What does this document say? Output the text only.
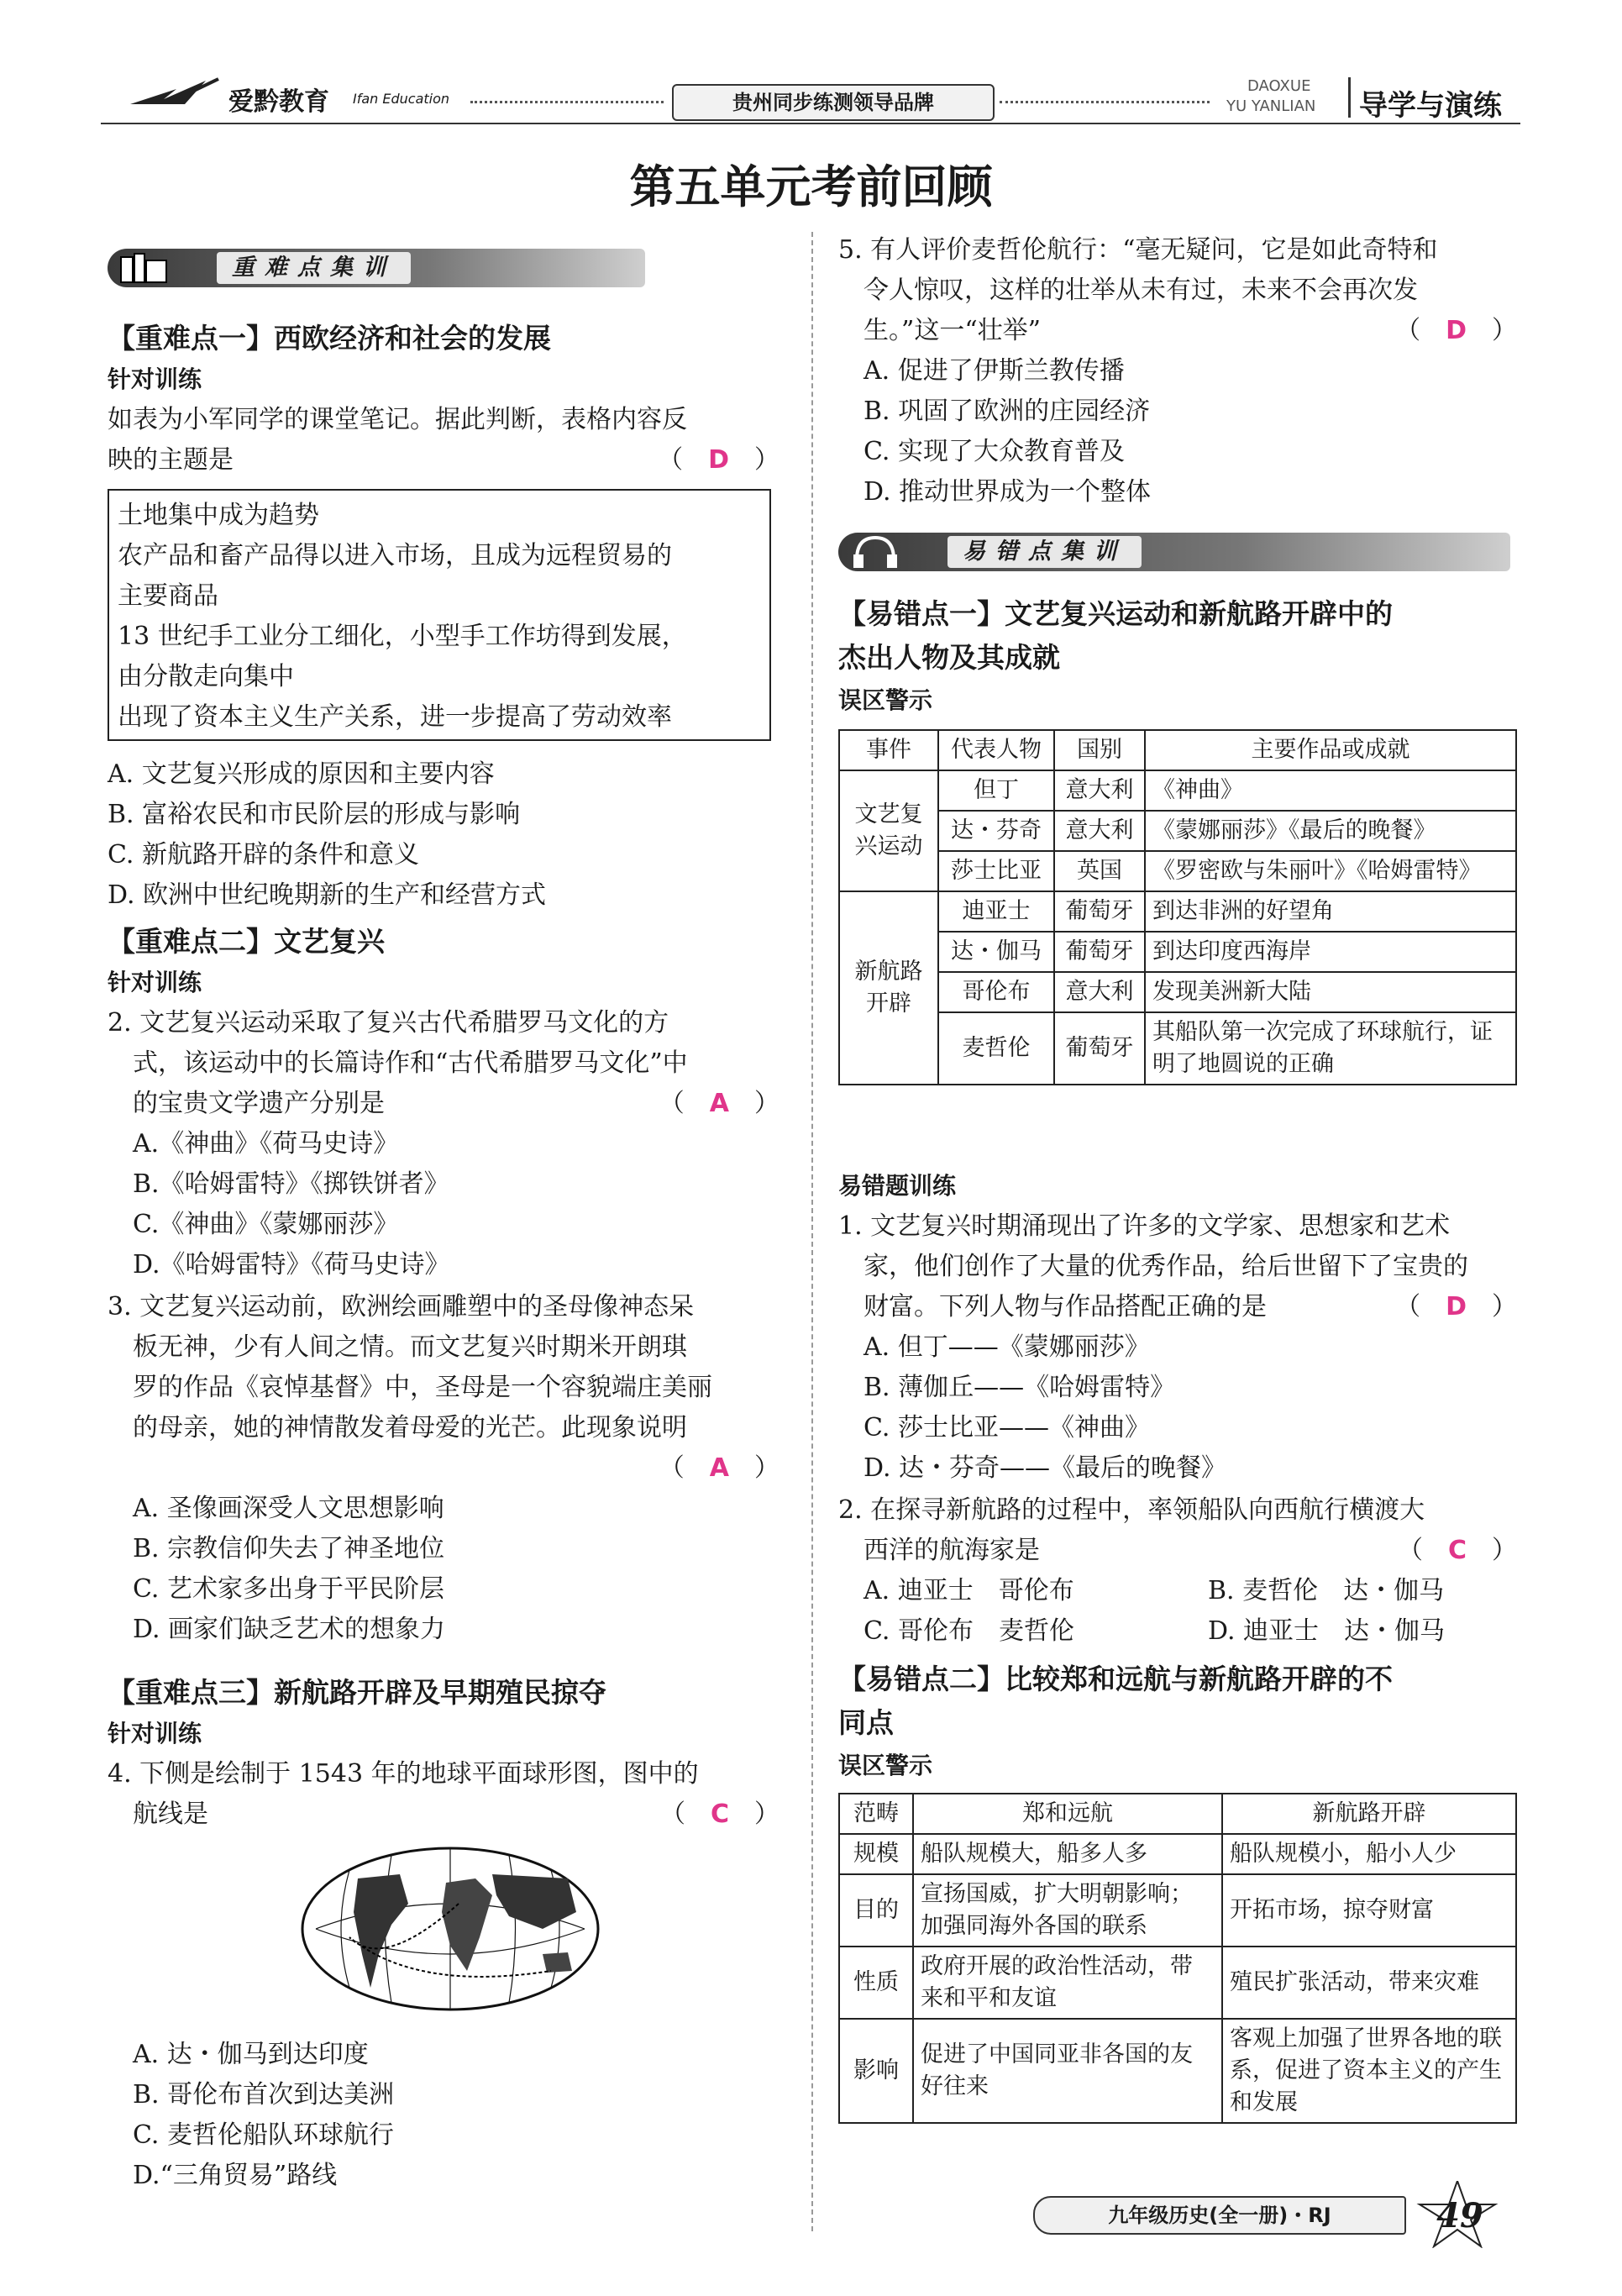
爱黔教育 Ifan Education	贵州同步练测领导品牌
DAOXUE
YU YANLIAN 导学与演练
第五单元考前回顾
重难点集训
【重难点一】西欧经济和社会的发展
针对训练
如表为小军同学的课堂笔记。据此判断，表格内容反
映的主题是	（　D　）
土地集中成为趋势
农产品和畜产品得以进入市场，且成为远程贸易的
主要商品
13 世纪手工业分工细化，小型手工作坊得到发展，
由分散走向集中
出现了资本主义生产关系，进一步提高了劳动效率
A. 文艺复兴形成的原因和主要内容
B. 富裕农民和市民阶层的形成与影响
C. 新航路开辟的条件和意义
D. 欧洲中世纪晚期新的生产和经营方式
【重难点二】文艺复兴
针对训练
2. 文艺复兴运动采取了复兴古代希腊罗马文化的方
式，该运动中的长篇诗作和“古代希腊罗马文化”中
的宝贵文学遗产分别是	（　A　）
A.《神曲》《荷马史诗》
B.《哈姆雷特》《掷铁饼者》
C.《神曲》《蒙娜丽莎》
D.《哈姆雷特》《荷马史诗》
3. 文艺复兴运动前，欧洲绘画雕塑中的圣母像神态呆
板无神，少有人间之情。而文艺复兴时期米开朗琪
罗的作品《哀悼基督》中，圣母是一个容貌端庄美丽
的母亲，她的神情散发着母爱的光芒。此现象说明
（　A　）

A. 圣像画深受人文思想影响
B. 宗教信仰失去了神圣地位
C. 艺术家多出身于平民阶层
D. 画家们缺乏艺术的想象力
【重难点三】新航路开辟及早期殖民掠夺
针对训练
4. 下侧是绘制于 1543 年的地球平面球形图，图中的
航线是	（　C　）
A. 达・伽马到达印度
B. 哥伦布首次到达美洲
C. 麦哲伦船队环球航行
D.“三角贸易”路线
5. 有人评价麦哲伦航行：“毫无疑问，它是如此奇特和
令人惊叹，这样的壮举从未有过，未来不会再次发
生。”这一“壮举”	（　D　）
A. 促进了伊斯兰教传播
B. 巩固了欧洲的庄园经济
C. 实现了大众教育普及
D. 推动世界成为一个整体
易错点集训
【易错点一】文艺复兴运动和新航路开辟中的
杰出人物及其成就
误区警示
事件	代表人物	国别	主要作品或成就
文艺复兴运动	但丁	意大利	《神曲》
	达・芬奇	意大利	《蒙娜丽莎》《最后的晚餐》
	莎士比亚	英国	《罗密欧与朱丽叶》《哈姆雷特》
新航路开辟	迪亚士	葡萄牙	到达非洲的好望角
	达・伽马	葡萄牙	到达印度西海岸
	哥伦布	意大利	发现美洲新大陆
	麦哲伦	葡萄牙	其船队第一次完成了环球航行，证明了地圆说的正确
易错题训练
1. 文艺复兴时期涌现出了许多的文学家、思想家和艺术
家，他们创作了大量的优秀作品，给后世留下了宝贵的
财富。下列人物与作品搭配正确的是	（　D　）
A. 但丁——《蒙娜丽莎》
B. 薄伽丘——《哈姆雷特》
C. 莎士比亚——《神曲》
D. 达・芬奇——《最后的晚餐》
2. 在探寻新航路的过程中，率领船队向西航行横渡大
西洋的航海家是	（　C　）
A. 迪亚士　哥伦布	B. 麦哲伦　达・伽马
C. 哥伦布　麦哲伦	D. 迪亚士　达・伽马
【易错点二】比较郑和远航与新航路开辟的不
同点
误区警示
范畴	郑和远航	新航路开辟
规模	船队规模大，船多人多	船队规模小，船小人少
目的	宣扬国威，扩大明朝影响；加强同海外各国的联系	开拓市场，掠夺财富
性质	政府开展的政治性活动，带来和平和友谊	殖民扩张活动，带来灾难
影响	促进了中国同亚非各国的友好往来	客观上加强了世界各地的联系，促进了资本主义的产生和发展
九年级历史(全一册)・RJ	49
